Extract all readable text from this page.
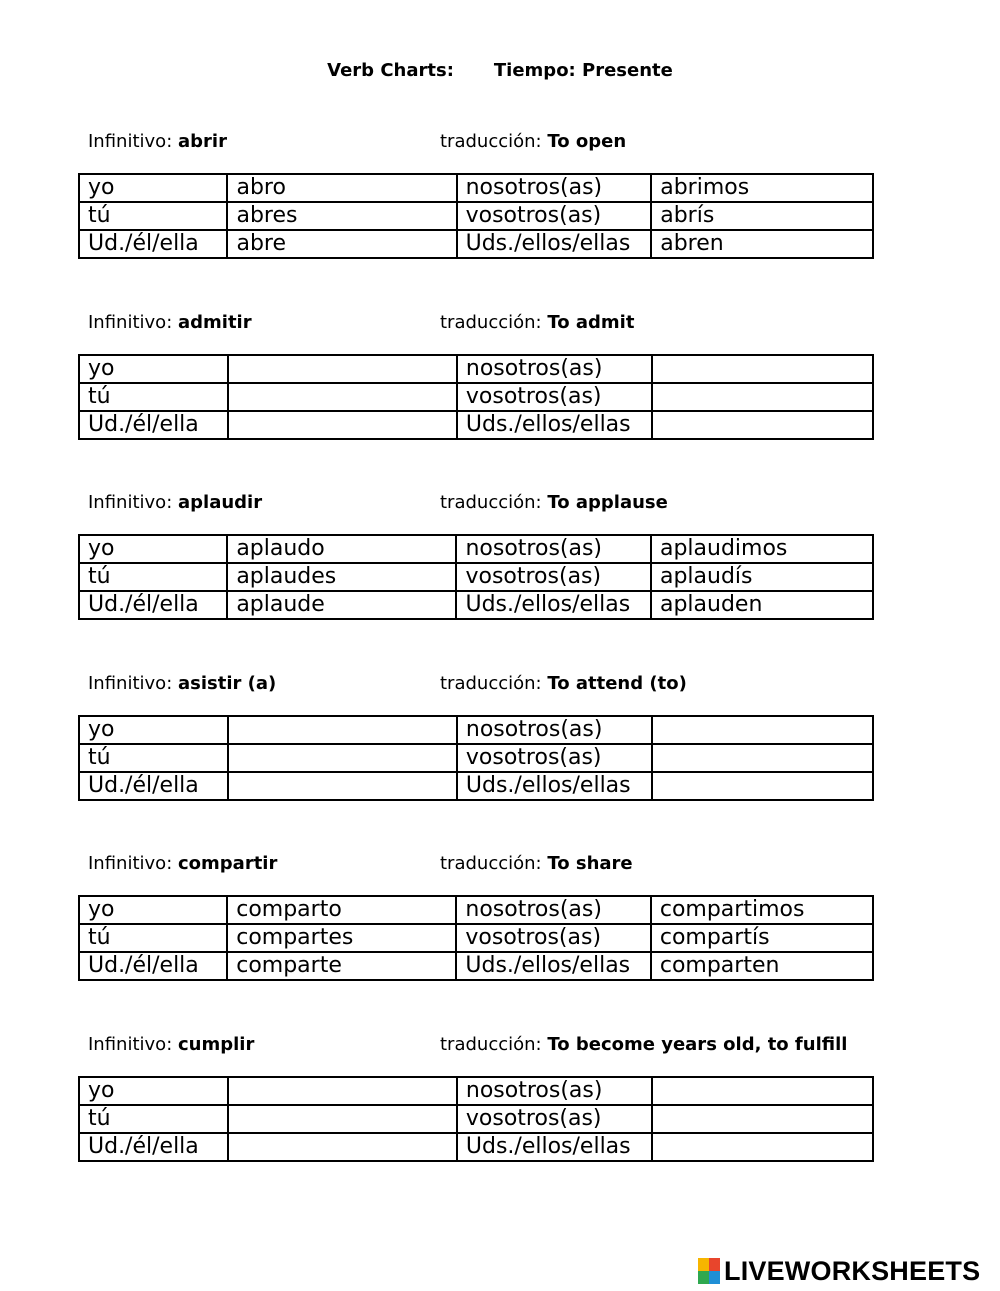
Verb Charts: Tiempo: Presente
Infinitivo: abrir	traducción: To open
yo	abro	nosotros(as)	abrimos
tú	abres	vosotros(as)	abrís
Ud./él/ella	abre	Uds./ellos/ellas	abren
Infinitivo: admitir	traducción: To admit
yo		nosotros(as)	
tú		vosotros(as)	
Ud./él/ella		Uds./ellos/ellas	
Infinitivo: aplaudir	traducción: To applause
yo	aplaudo	nosotros(as)	aplaudimos
tú	aplaudes	vosotros(as)	aplaudís
Ud./él/ella	aplaude	Uds./ellos/ellas	aplauden
Infinitivo: asistir (a)	traducción: To attend (to)
yo		nosotros(as)	
tú		vosotros(as)	
Ud./él/ella		Uds./ellos/ellas	
Infinitivo: compartir	traducción: To share
yo	comparto	nosotros(as)	compartimos
tú	compartes	vosotros(as)	compartís
Ud./él/ella	comparte	Uds./ellos/ellas	comparten
Infinitivo: cumplir	traducción: To become years old, to fulfill
yo		nosotros(as)	
tú		vosotros(as)	
Ud./él/ella		Uds./ellos/ellas	
LIVEWORKSHEETS
